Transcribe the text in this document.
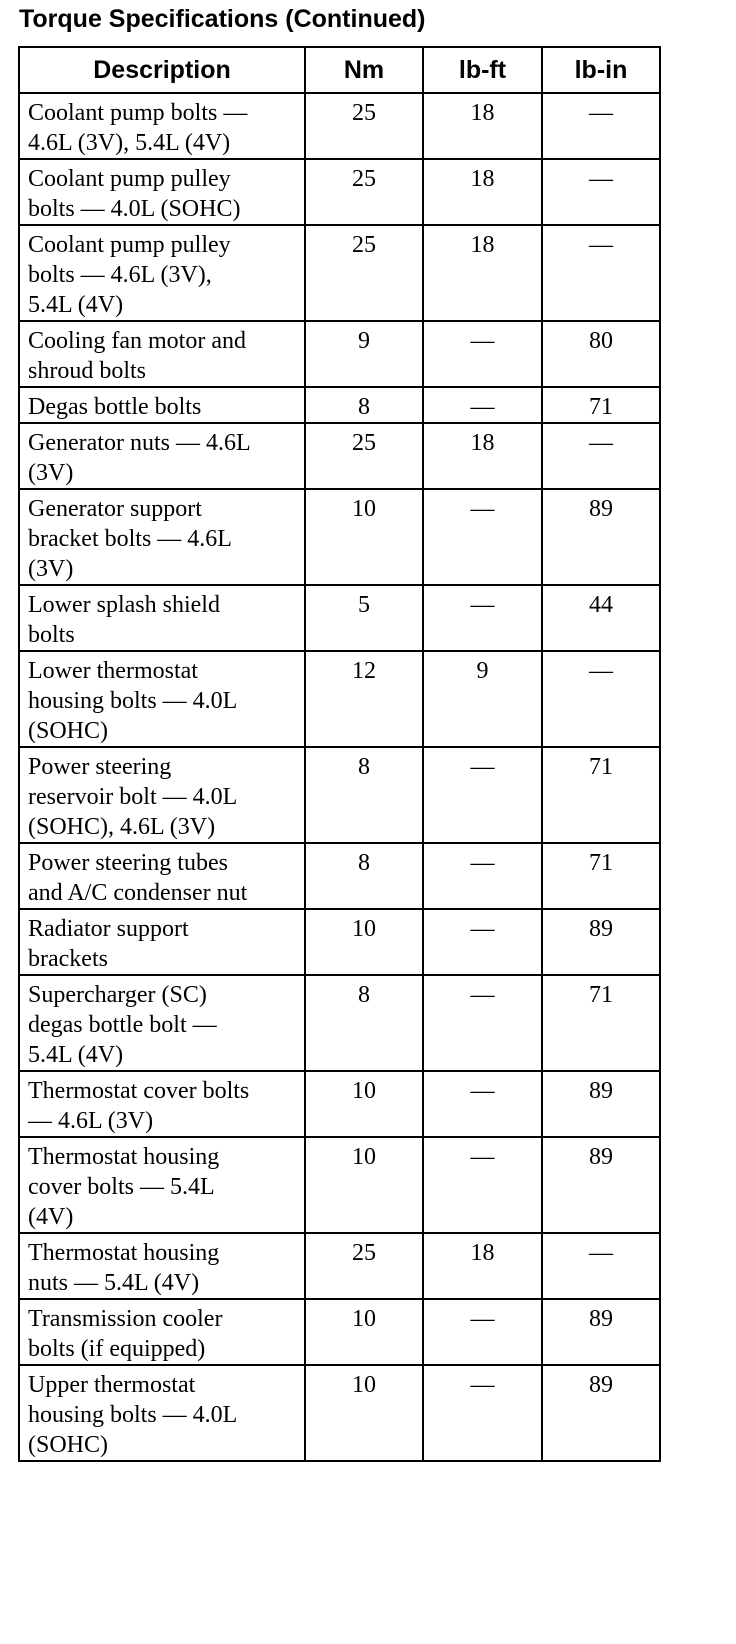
Torque Specifications (Continued)
Description	Nm	lb-ft	lb-in

Coolant pump bolts —
4.6L (3V), 5.4L (4V)	25	18	—

Coolant pump pulley
bolts — 4.0L (SOHC)	25	18	—

Coolant pump pulley
bolts — 4.6L (3V),
5.4L (4V)	25	18	—

Cooling fan motor and
shroud bolts	9	—	80

Degas bottle bolts	8	—	71

Generator nuts — 4.6L
(3V)	25	18	—

Generator support
bracket bolts — 4.6L
(3V)	10	—	89

Lower splash shield
bolts	5	—	44

Lower thermostat
housing bolts — 4.0L
(SOHC)	12	9	—

Power steering
reservoir bolt — 4.0L
(SOHC), 4.6L (3V)	8	—	71

Power steering tubes
and A/C condenser nut	8	—	71

Radiator support
brackets	10	—	89

Supercharger (SC)
degas bottle bolt —
5.4L (4V)	8	—	71

Thermostat cover bolts
— 4.6L (3V)	10	—	89

Thermostat housing
cover bolts — 5.4L
(4V)	10	—	89

Thermostat housing
nuts — 5.4L (4V)	25	18	—

Transmission cooler
bolts (if equipped)	10	—	89

Upper thermostat
housing bolts — 4.0L
(SOHC)	10	—	89
